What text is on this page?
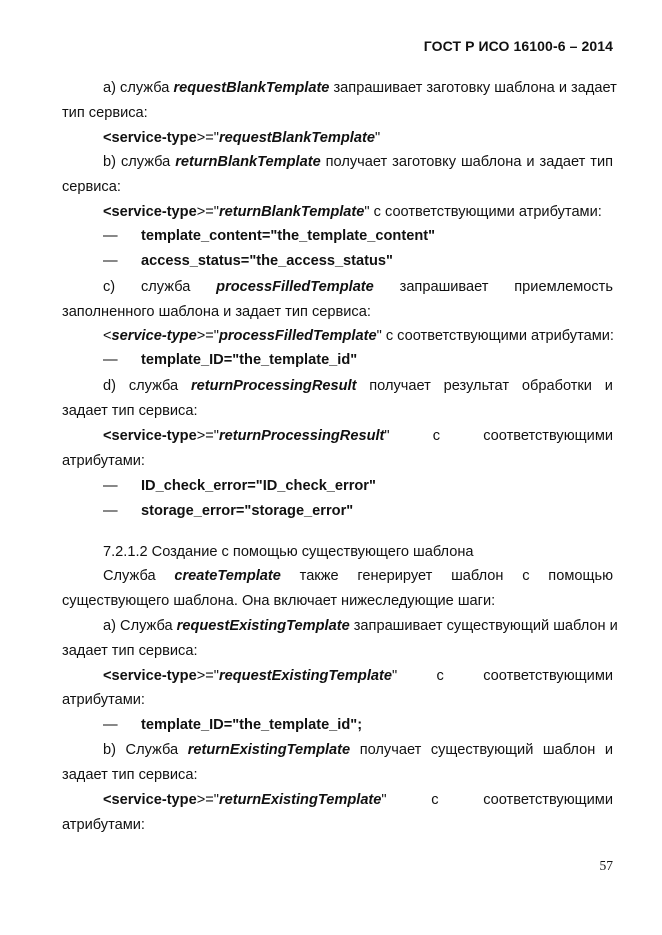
ГОСТ Р ИСО 16100-6 – 2014
a) служба requestBlankTemplate запрашивает заготовку шаблона и задает
тип сервиса:
<service-type>="requestBlankTemplate"
b) служба returnBlankTemplate получает заготовку шаблона и задает тип
сервиса:
<service-type>="returnBlankTemplate" с соответствующими атрибутами:
— template_content="the_template_content"
— access_status="the_access_status"
c) служба processFilledTemplate запрашивает приемлемость
заполненного шаблона и задает тип сервиса:
<service-type>="processFilledTemplate" с соответствующими атрибутами:
— template_ID="the_template_id"
d) служба returnProcessingResult получает результат обработки и
задает тип сервиса:
<service-type>="returnProcessingResult"	с	соответствующими
атрибутами:
— ID_check_error="ID_check_error"
— storage_error="storage_error"
7.2.1.2 Создание с помощью существующего шаблона
Служба createTemplate также генерирует шаблон с помощью
существующего шаблона. Она включает нижеследующие шаги:
a) Служба requestExistingTemplate запрашивает существующий шаблон и
задает тип сервиса:
<service-type>="requestExistingTemplate"	с	соответствующими
атрибутами:
— template_ID="the_template_id";
b) Служба returnExistingTemplate получает существующий шаблон и
задает тип сервиса:
<service-type>="returnExistingTemplate"	с	соответствующими
атрибутами:
57
